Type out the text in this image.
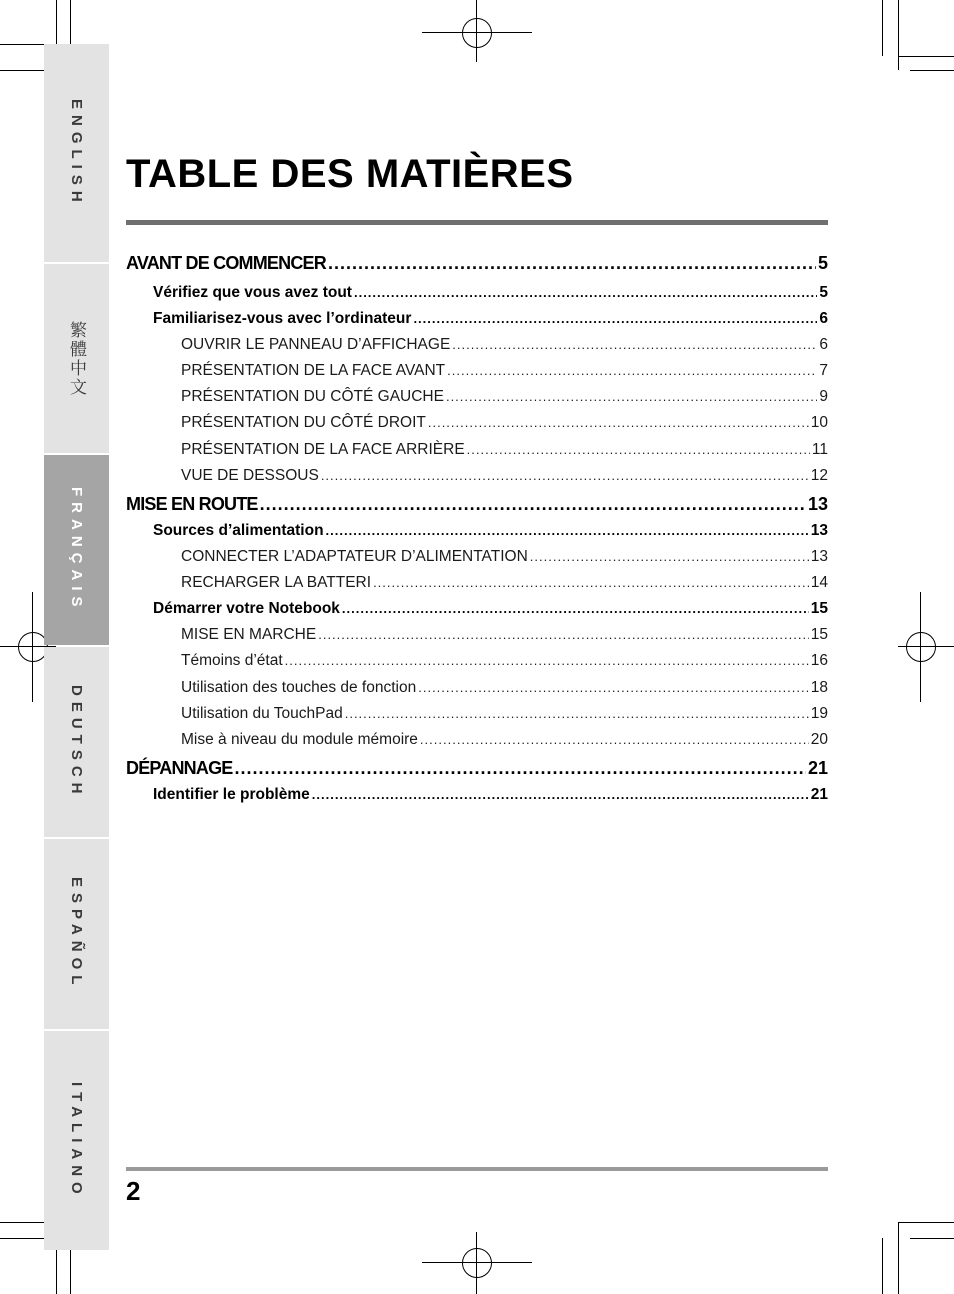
ENGLISH
繁體中文
FRANÇAIS
DEUTSCH
ESPAÑOL
ITALIANO
TABLE DES MATIÈRES
AVANT DE COMMENCER .....	5
Vérifiez que vous avez tout .....	5
Familiarisez-vous avec l’ordinateur .....	6
OUVRIR LE PANNEAU D’AFFICHAGE .....	6
PRÉSENTATION DE LA FACE AVANT .....	7
PRÉSENTATION DU CÔTÉ GAUCHE .....	9
PRÉSENTATION DU CÔTÉ DROIT .....	10
PRÉSENTATION DE LA FACE ARRIÈRE .....	11
VUE DE DESSOUS .....	12
MISE EN ROUTE .....	13
Sources d’alimentation .....	13
CONNECTER L’ADAPTATEUR D’ALIMENTATION .....	13
RECHARGER LA BATTERI .....	14
Démarrer votre Notebook .....	15
MISE EN MARCHE .....	15
Témoins d’état .....	16
Utilisation des touches de fonction .....	18
Utilisation du TouchPad .....	19
Mise à niveau du module mémoire .....	20
DÉPANNAGE .....	21
Identifier le problème .....	21
2
